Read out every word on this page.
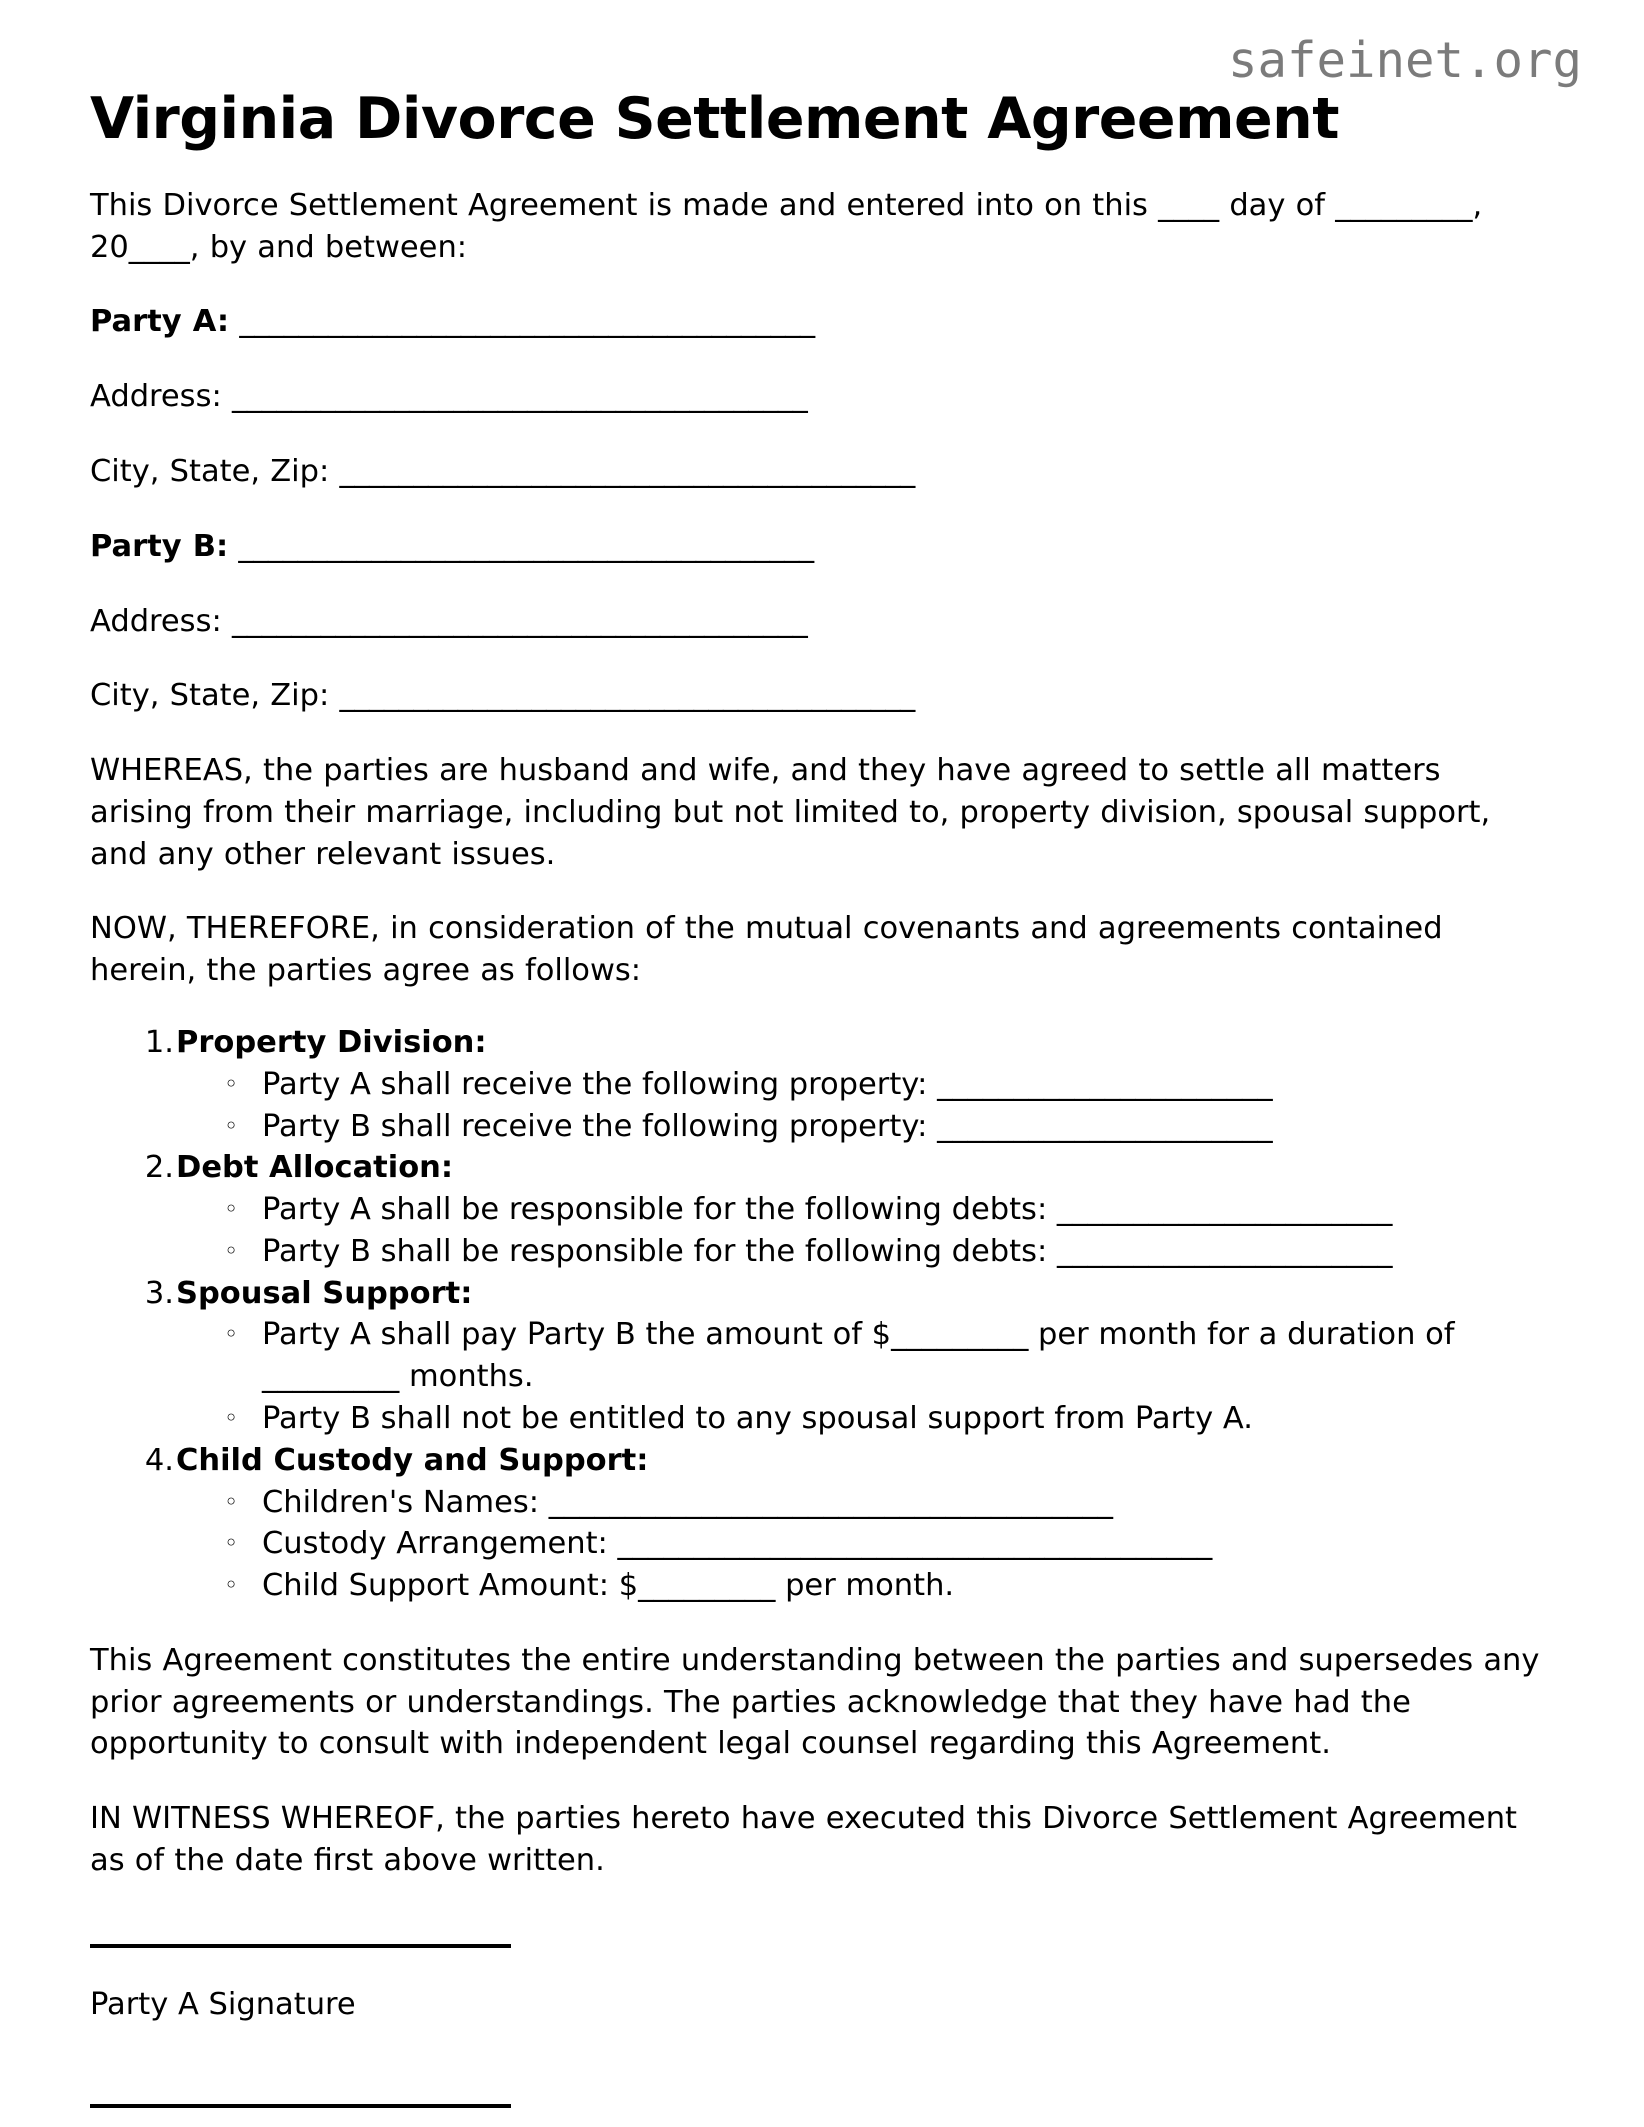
safeinet.org
Virginia Divorce Settlement Agreement

This Divorce Settlement Agreement is made and entered into on this ____ day of _________, 20____, by and between:

Party A: _______________________________________

Address: _______________________________________

City, State, Zip: _______________________________________

Party B: _______________________________________

Address: _______________________________________

City, State, Zip: _______________________________________

WHEREAS, the parties are husband and wife, and they have agreed to settle all matters arising from their marriage, including but not limited to, property division, spousal support, and any other relevant issues.

NOW, THEREFORE, in consideration of the mutual covenants and agreements contained herein, the parties agree as follows:

1. Property Division:
◦ Party A shall receive the following property: ______________________
◦ Party B shall receive the following property: ______________________
2. Debt Allocation:
◦ Party A shall be responsible for the following debts: ______________________
◦ Party B shall be responsible for the following debts: ______________________
3. Spousal Support:
◦ Party A shall pay Party B the amount of $_________ per month for a duration of _________ months.
◦ Party B shall not be entitled to any spousal support from Party A.
4. Child Custody and Support:
◦ Children's Names: _____________________________________
◦ Custody Arrangement: _______________________________________
◦ Child Support Amount: $_________ per month.

This Agreement constitutes the entire understanding between the parties and supersedes any prior agreements or understandings. The parties acknowledge that they have had the opportunity to consult with independent legal counsel regarding this Agreement.

IN WITNESS WHEREOF, the parties hereto have executed this Divorce Settlement Agreement as of the date first above written.

Party A Signature
